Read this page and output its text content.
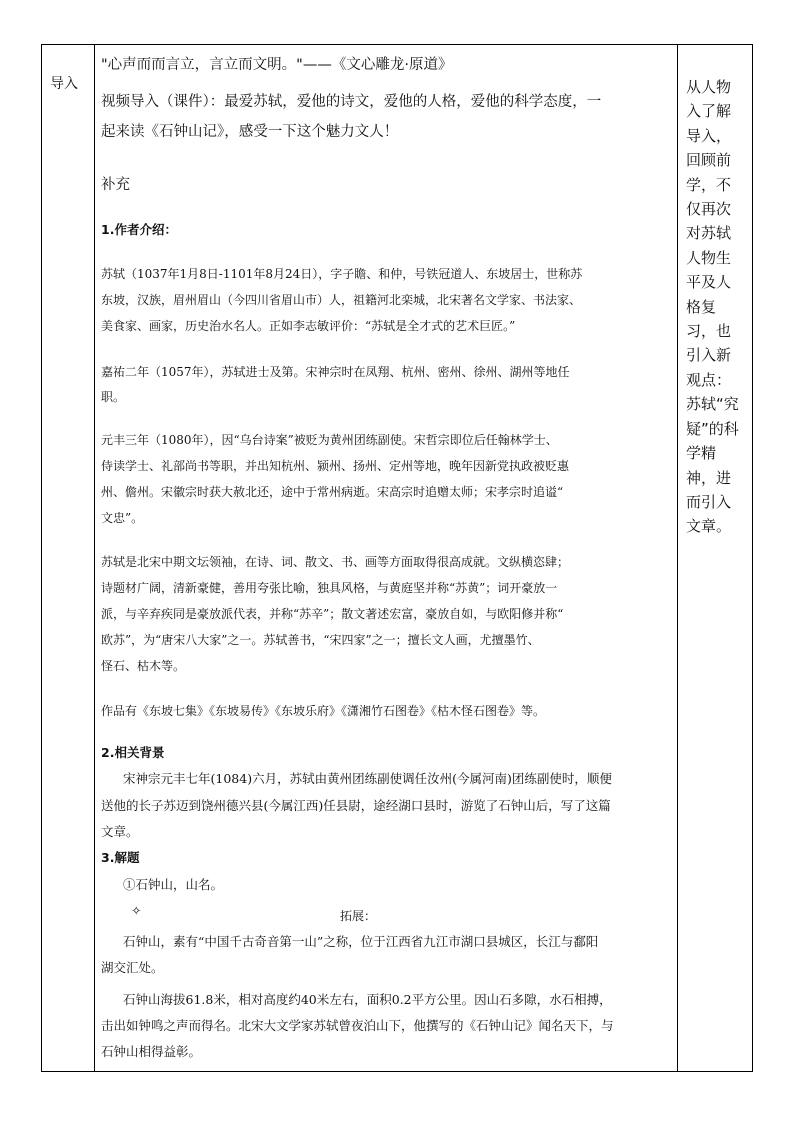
导入
"心声而而言立，言立而文明。"——《文心雕龙·原道》
视频导入（课件）：最爱苏轼，爱他的诗文，爱他的人格，爱他的科学态度，一
起来读《石钟山记》，感受一下这个魅力文人！
补充
1.作者介绍：
苏轼（1037年1月8日-1101年8月24日），字子瞻、和仲，号铁冠道人、东坡居士，世称苏
东坡，汉族，眉州眉山（今四川省眉山市）人，祖籍河北栾城，北宋著名文学家、书法家、
美食家、画家，历史治水名人。正如李志敏评价：“苏轼是全才式的艺术巨匠。”
嘉祐二年（1057年），苏轼进士及第。宋神宗时在凤翔、杭州、密州、徐州、湖州等地任
职。
元丰三年（1080年），因“乌台诗案”被贬为黄州团练副使。宋哲宗即位后任翰林学士、
侍读学士、礼部尚书等职，并出知杭州、颍州、扬州、定州等地，晚年因新党执政被贬惠
州、儋州。宋徽宗时获大赦北还，途中于常州病逝。宋高宗时追赠太师；宋孝宗时追谥“
文忠”。
苏轼是北宋中期文坛领袖，在诗、词、散文、书、画等方面取得很高成就。文纵横恣肆；
诗题材广阔，清新豪健，善用夸张比喻，独具风格，与黄庭坚并称“苏黄”；词开豪放一
派，与辛弃疾同是豪放派代表，并称“苏辛”；散文著述宏富，豪放自如，与欧阳修并称“
欧苏”，为“唐宋八大家”之一。苏轼善书，“宋四家”之一；擅长文人画，尤擅墨竹、
怪石、枯木等。
作品有《东坡七集》《东坡易传》《东坡乐府》《潇湘竹石图卷》《枯木怪石图卷》等。
2.相关背景
宋神宗元丰七年(1084)六月，苏轼由黄州团练副使调任汝州(今属河南)团练副使时，顺便
送他的长子苏迈到饶州德兴县(今属江西)任县尉，途经湖口县时，游览了石钟山后，写了这篇
文章。
3.解题
①石钟山，山名。
✧	拓展：
石钟山，素有“中国千古奇音第一山”之称，位于江西省九江市湖口县城区，长江与鄱阳
湖交汇处。
石钟山海拔61.8米，相对高度约40米左右，面积0.2平方公里。因山石多隙，水石相搏，
击出如钟鸣之声而得名。北宋大文学家苏轼曾夜泊山下，他撰写的《石钟山记》闻名天下，与
石钟山相得益彰。
从人物入了解导入，回顾前学，不仅再次对苏轼人物生平及人格复习，也引入新观点：苏轼“究疑”的科学精神，进而引入文章。
